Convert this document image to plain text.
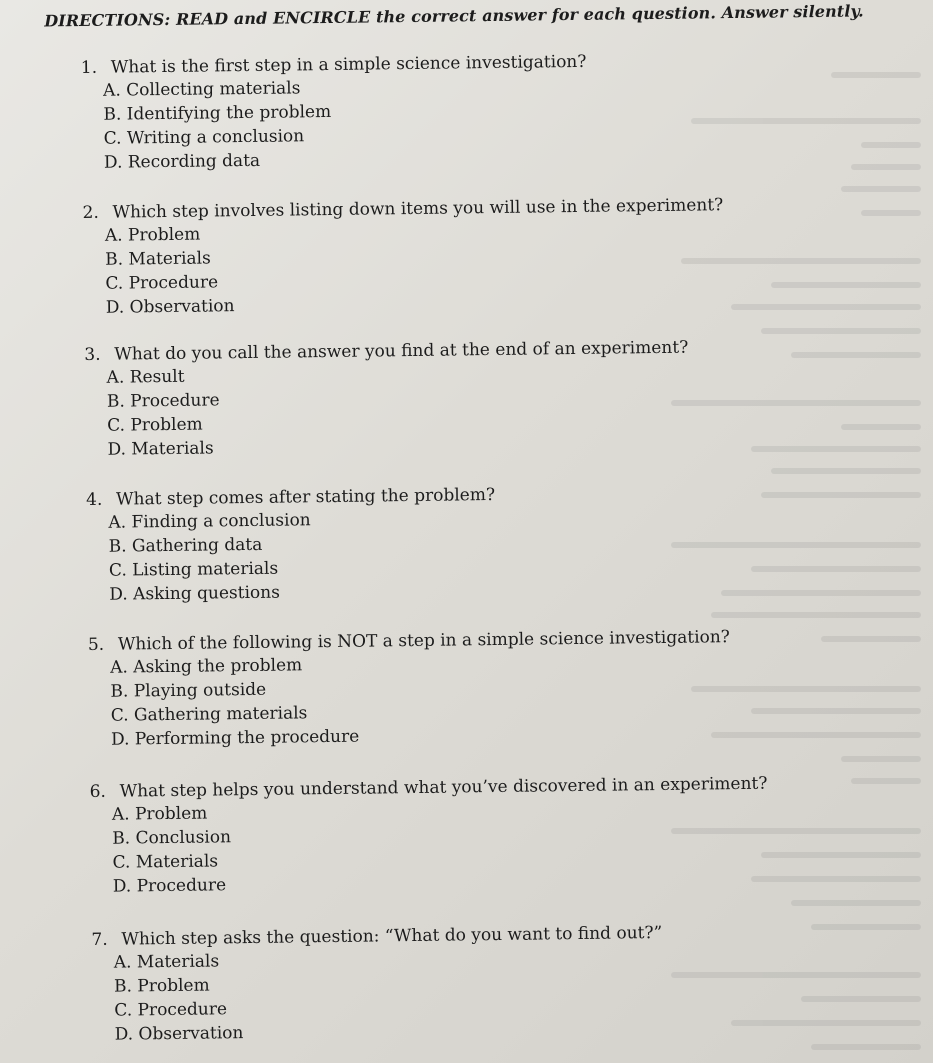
DIRECTIONS: READ and ENCIRCLE the correct answer for each question. Answer silently.
1. What is the first step in a simple science investigation?
A. Collecting materials
B. Identifying the problem
C. Writing a conclusion
D. Recording data
2. Which step involves listing down items you will use in the experiment?
A. Problem
B. Materials
C. Procedure
D. Observation
3. What do you call the answer you find at the end of an experiment?
A. Result
B. Procedure
C. Problem
D. Materials
4. What step comes after stating the problem?
A. Finding a conclusion
B. Gathering data
C. Listing materials
D. Asking questions
5. Which of the following is NOT a step in a simple science investigation?
A. Asking the problem
B. Playing outside
C. Gathering materials
D. Performing the procedure
6. What step helps you understand what you’ve discovered in an experiment?
A. Problem
B. Conclusion
C. Materials
D. Procedure
7. Which step asks the question: “What do you want to find out?”
A. Materials
B. Problem
C. Procedure
D. Observation
